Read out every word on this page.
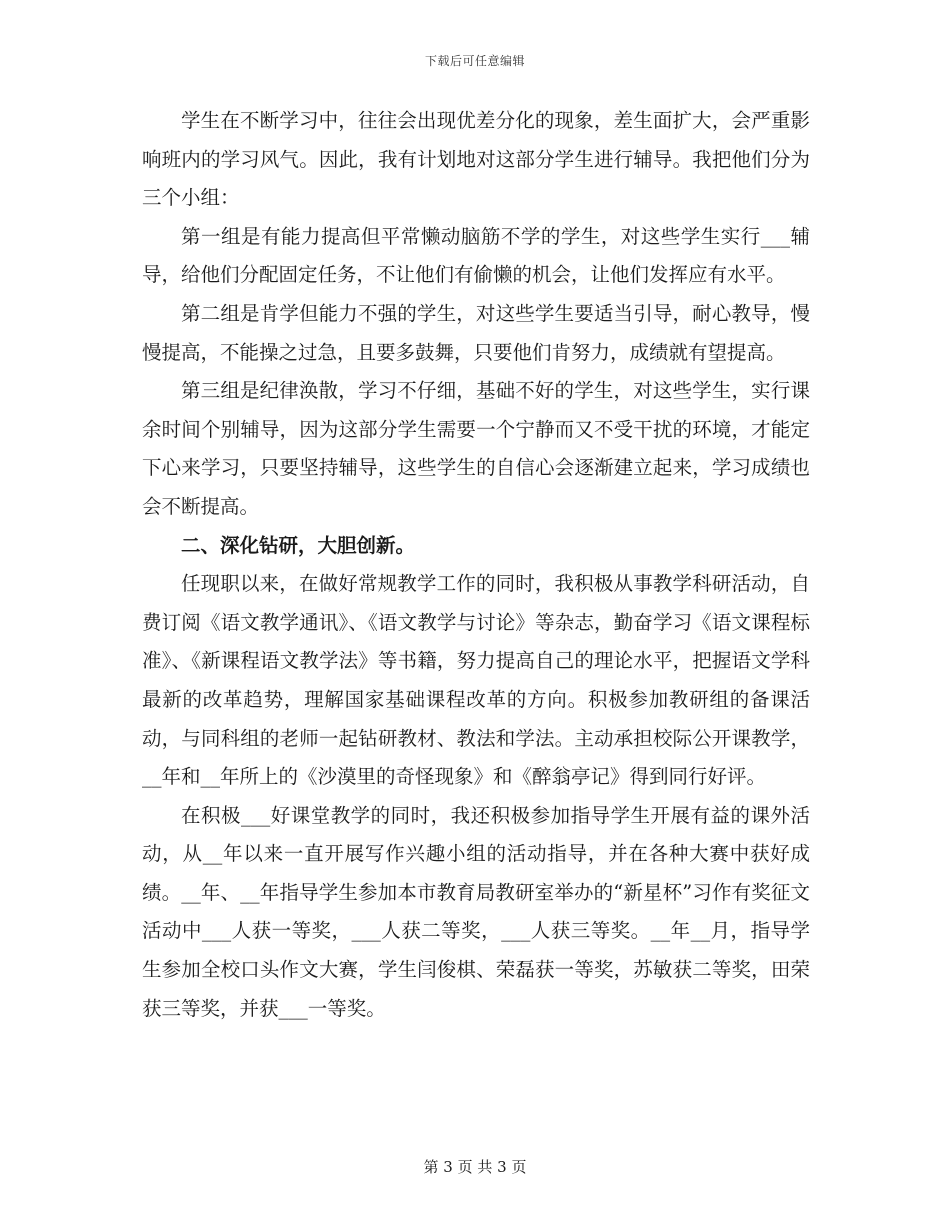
下载后可任意编辑

学生在不断学习中，往往会出现优差分化的现象，差生面扩大，会严重影响班内的学习风气。因此，我有计划地对这部分学生进行辅导。我把他们分为三个小组：

第一组是有能力提高但平常懒动脑筋不学的学生，对这些学生实行___辅导，给他们分配固定任务，不让他们有偷懒的机会，让他们发挥应有水平。

第二组是肯学但能力不强的学生，对这些学生要适当引导，耐心教导，慢慢提高，不能操之过急，且要多鼓舞，只要他们肯努力，成绩就有望提高。

第三组是纪律涣散，学习不仔细，基础不好的学生，对这些学生，实行课余时间个别辅导，因为这部分学生需要一个宁静而又不受干扰的环境，才能定下心来学习，只要坚持辅导，这些学生的自信心会逐渐建立起来，学习成绩也会不断提高。

二、深化钻研，大胆创新。

任现职以来，在做好常规教学工作的同时，我积极从事教学科研活动，自费订阅《语文教学通讯》、《语文教学与讨论》等杂志，勤奋学习《语文课程标准》、《新课程语文教学法》等书籍，努力提高自己的理论水平，把握语文学科最新的改革趋势，理解国家基础课程改革的方向。积极参加教研组的备课活动，与同科组的老师一起钻研教材、教法和学法。主动承担校际公开课教学，__年和__年所上的《沙漠里的奇怪现象》和《醉翁亭记》得到同行好评。

在积极___好课堂教学的同时，我还积极参加指导学生开展有益的课外活动，从__年以来一直开展写作兴趣小组的活动指导，并在各种大赛中获好成绩。__年、__年指导学生参加本市教育局教研室举办的“新星杯”习作有奖征文活动中___人获一等奖，___人获二等奖，___人获三等奖。__年__月，指导学生参加全校口头作文大赛，学生闫俊棋、荣磊获一等奖，苏敏获二等奖，田荣获三等奖，并获___一等奖。

第 3 页 共 3 页
